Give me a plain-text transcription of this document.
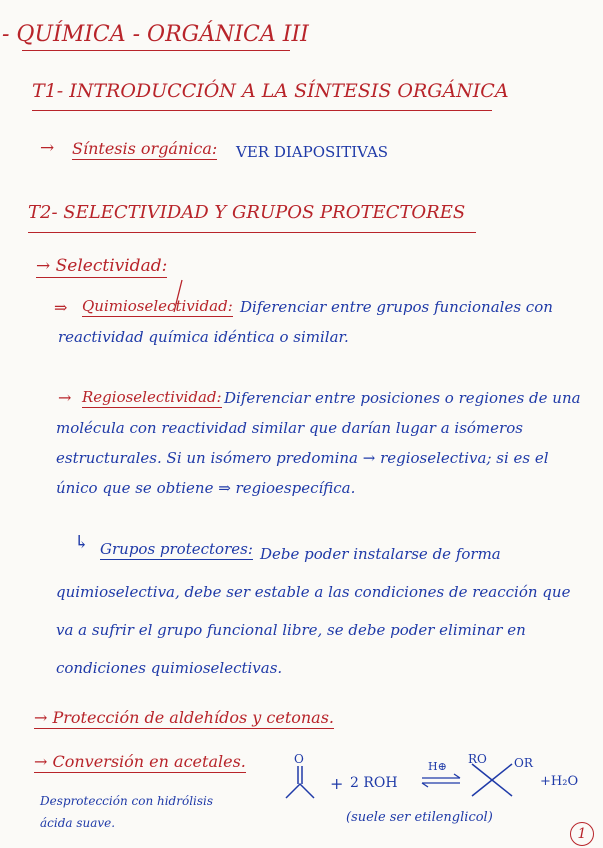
- QUÍMICA - ORGÁNICA III
T1- INTRODUCCIÓN A LA SÍNTESIS ORGÁNICA
→ Síntesis orgánica: VER DIAPOSITIVAS
T2- SELECTIVIDAD Y GRUPOS PROTECTORES
→ Selectividad:
⇒ Quimioselectividad: Diferenciar entre grupos funcionales con reactividad química idéntica o similar.
→ Regioselectividad: Diferenciar entre posiciones o regiones de una molécula con reactividad similar que darían lugar a isómeros estructurales. Si un isómero predomina → regioselectiva; si es el único que se obtiene ⇒ regioespecífica.
↳ Grupos protectores: Debe poder instalarse de forma quimioselectiva, debe ser estable a las condiciones de reacción que va a sufrir el grupo funcional libre, se debe poder eliminar en condiciones quimioselectivas.
→ Protección de aldehídos y cetonas.
→ Conversión en acetales.	O
+ 2 ROH
H⊕
RO OR
+H₂O
(suele ser etilenglicol)
Desprotección con hidrólisis ácida suave.
1
